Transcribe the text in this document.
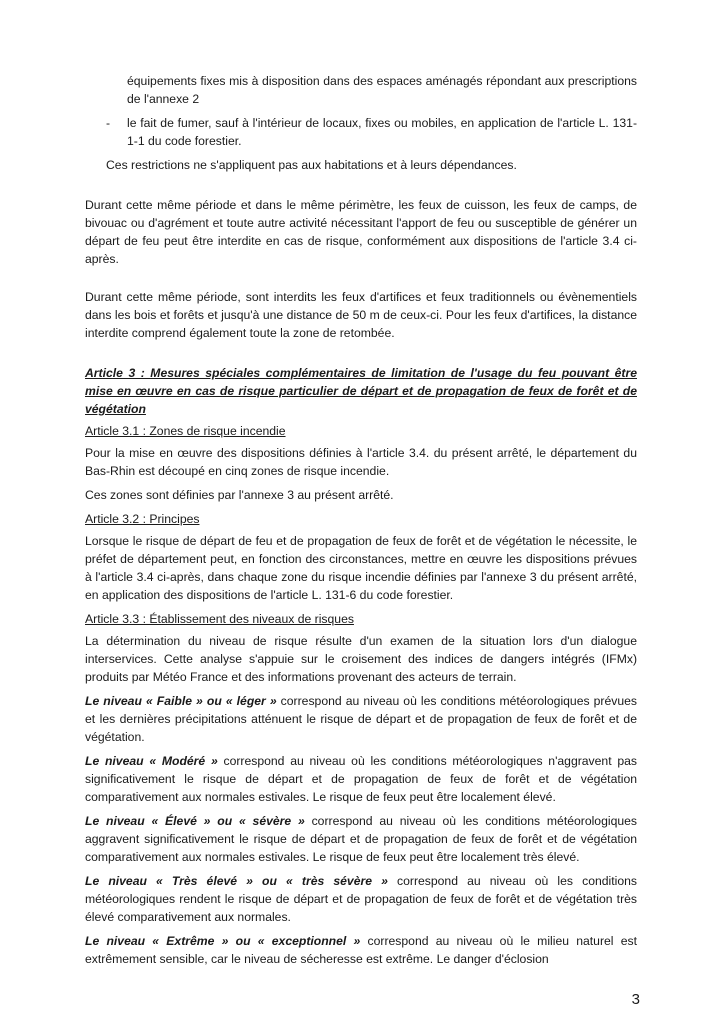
équipements fixes mis à disposition dans des espaces aménagés répondant aux prescriptions de l'annexe 2

- le fait de fumer, sauf à l'intérieur de locaux, fixes ou mobiles, en application de l'article L. 131-1-1 du code forestier.

Ces restrictions ne s'appliquent pas aux habitations et à leurs dépendances.

Durant cette même période et dans le même périmètre, les feux de cuisson, les feux de camps, de bivouac ou d'agrément et toute autre activité nécessitant l'apport de feu ou susceptible de générer un départ de feu peut être interdite en cas de risque, conformément aux dispositions de l'article 3.4 ci-après.

Durant cette même période, sont interdits les feux d'artifices et feux traditionnels ou évènementiels dans les bois et forêts et jusqu'à une distance de 50 m de ceux-ci. Pour les feux d'artifices, la distance interdite comprend également toute la zone de retombée.

Article 3 : Mesures spéciales complémentaires de limitation de l'usage du feu pouvant être mise en œuvre en cas de risque particulier de départ et de propagation de feux de forêt et de végétation

Article 3.1 : Zones de risque incendie

Pour la mise en œuvre des dispositions définies à l'article 3.4. du présent arrêté, le département du Bas-Rhin est découpé en cinq zones de risque incendie.

Ces zones sont définies par l'annexe 3 au présent arrêté.

Article 3.2 : Principes

Lorsque le risque de départ de feu et de propagation de feux de forêt et de végétation le nécessite, le préfet de département peut, en fonction des circonstances, mettre en œuvre les dispositions prévues à l'article 3.4 ci-après, dans chaque zone du risque incendie définies par l'annexe 3 du présent arrêté, en application des dispositions de l'article L. 131-6 du code forestier.

Article 3.3 : Établissement des niveaux de risques

La détermination du niveau de risque résulte d'un examen de la situation lors d'un dialogue interservices. Cette analyse s'appuie sur le croisement des indices de dangers intégrés (IFMx) produits par Météo France et des informations provenant des acteurs de terrain.

Le niveau « Faible » ou « léger » correspond au niveau où les conditions météorologiques prévues et les dernières précipitations atténuent le risque de départ et de propagation de feux de forêt et de végétation.

Le niveau « Modéré » correspond au niveau où les conditions météorologiques n'aggravent pas significativement le risque de départ et de propagation de feux de forêt et de végétation comparativement aux normales estivales. Le risque de feux peut être localement élevé.

Le niveau « Élevé » ou « sévère » correspond au niveau où les conditions météorologiques aggravent significativement le risque de départ et de propagation de feux de forêt et de végétation comparativement aux normales estivales. Le risque de feux peut être localement très élevé.

Le niveau « Très élevé » ou « très sévère » correspond au niveau où les conditions météorologiques rendent le risque de départ et de propagation de feux de forêt et de végétation très élevé comparativement aux normales.

Le niveau « Extrême » ou « exceptionnel » correspond au niveau où le milieu naturel est extrêmement sensible, car le niveau de sécheresse est extrême. Le danger d'éclosion

3
